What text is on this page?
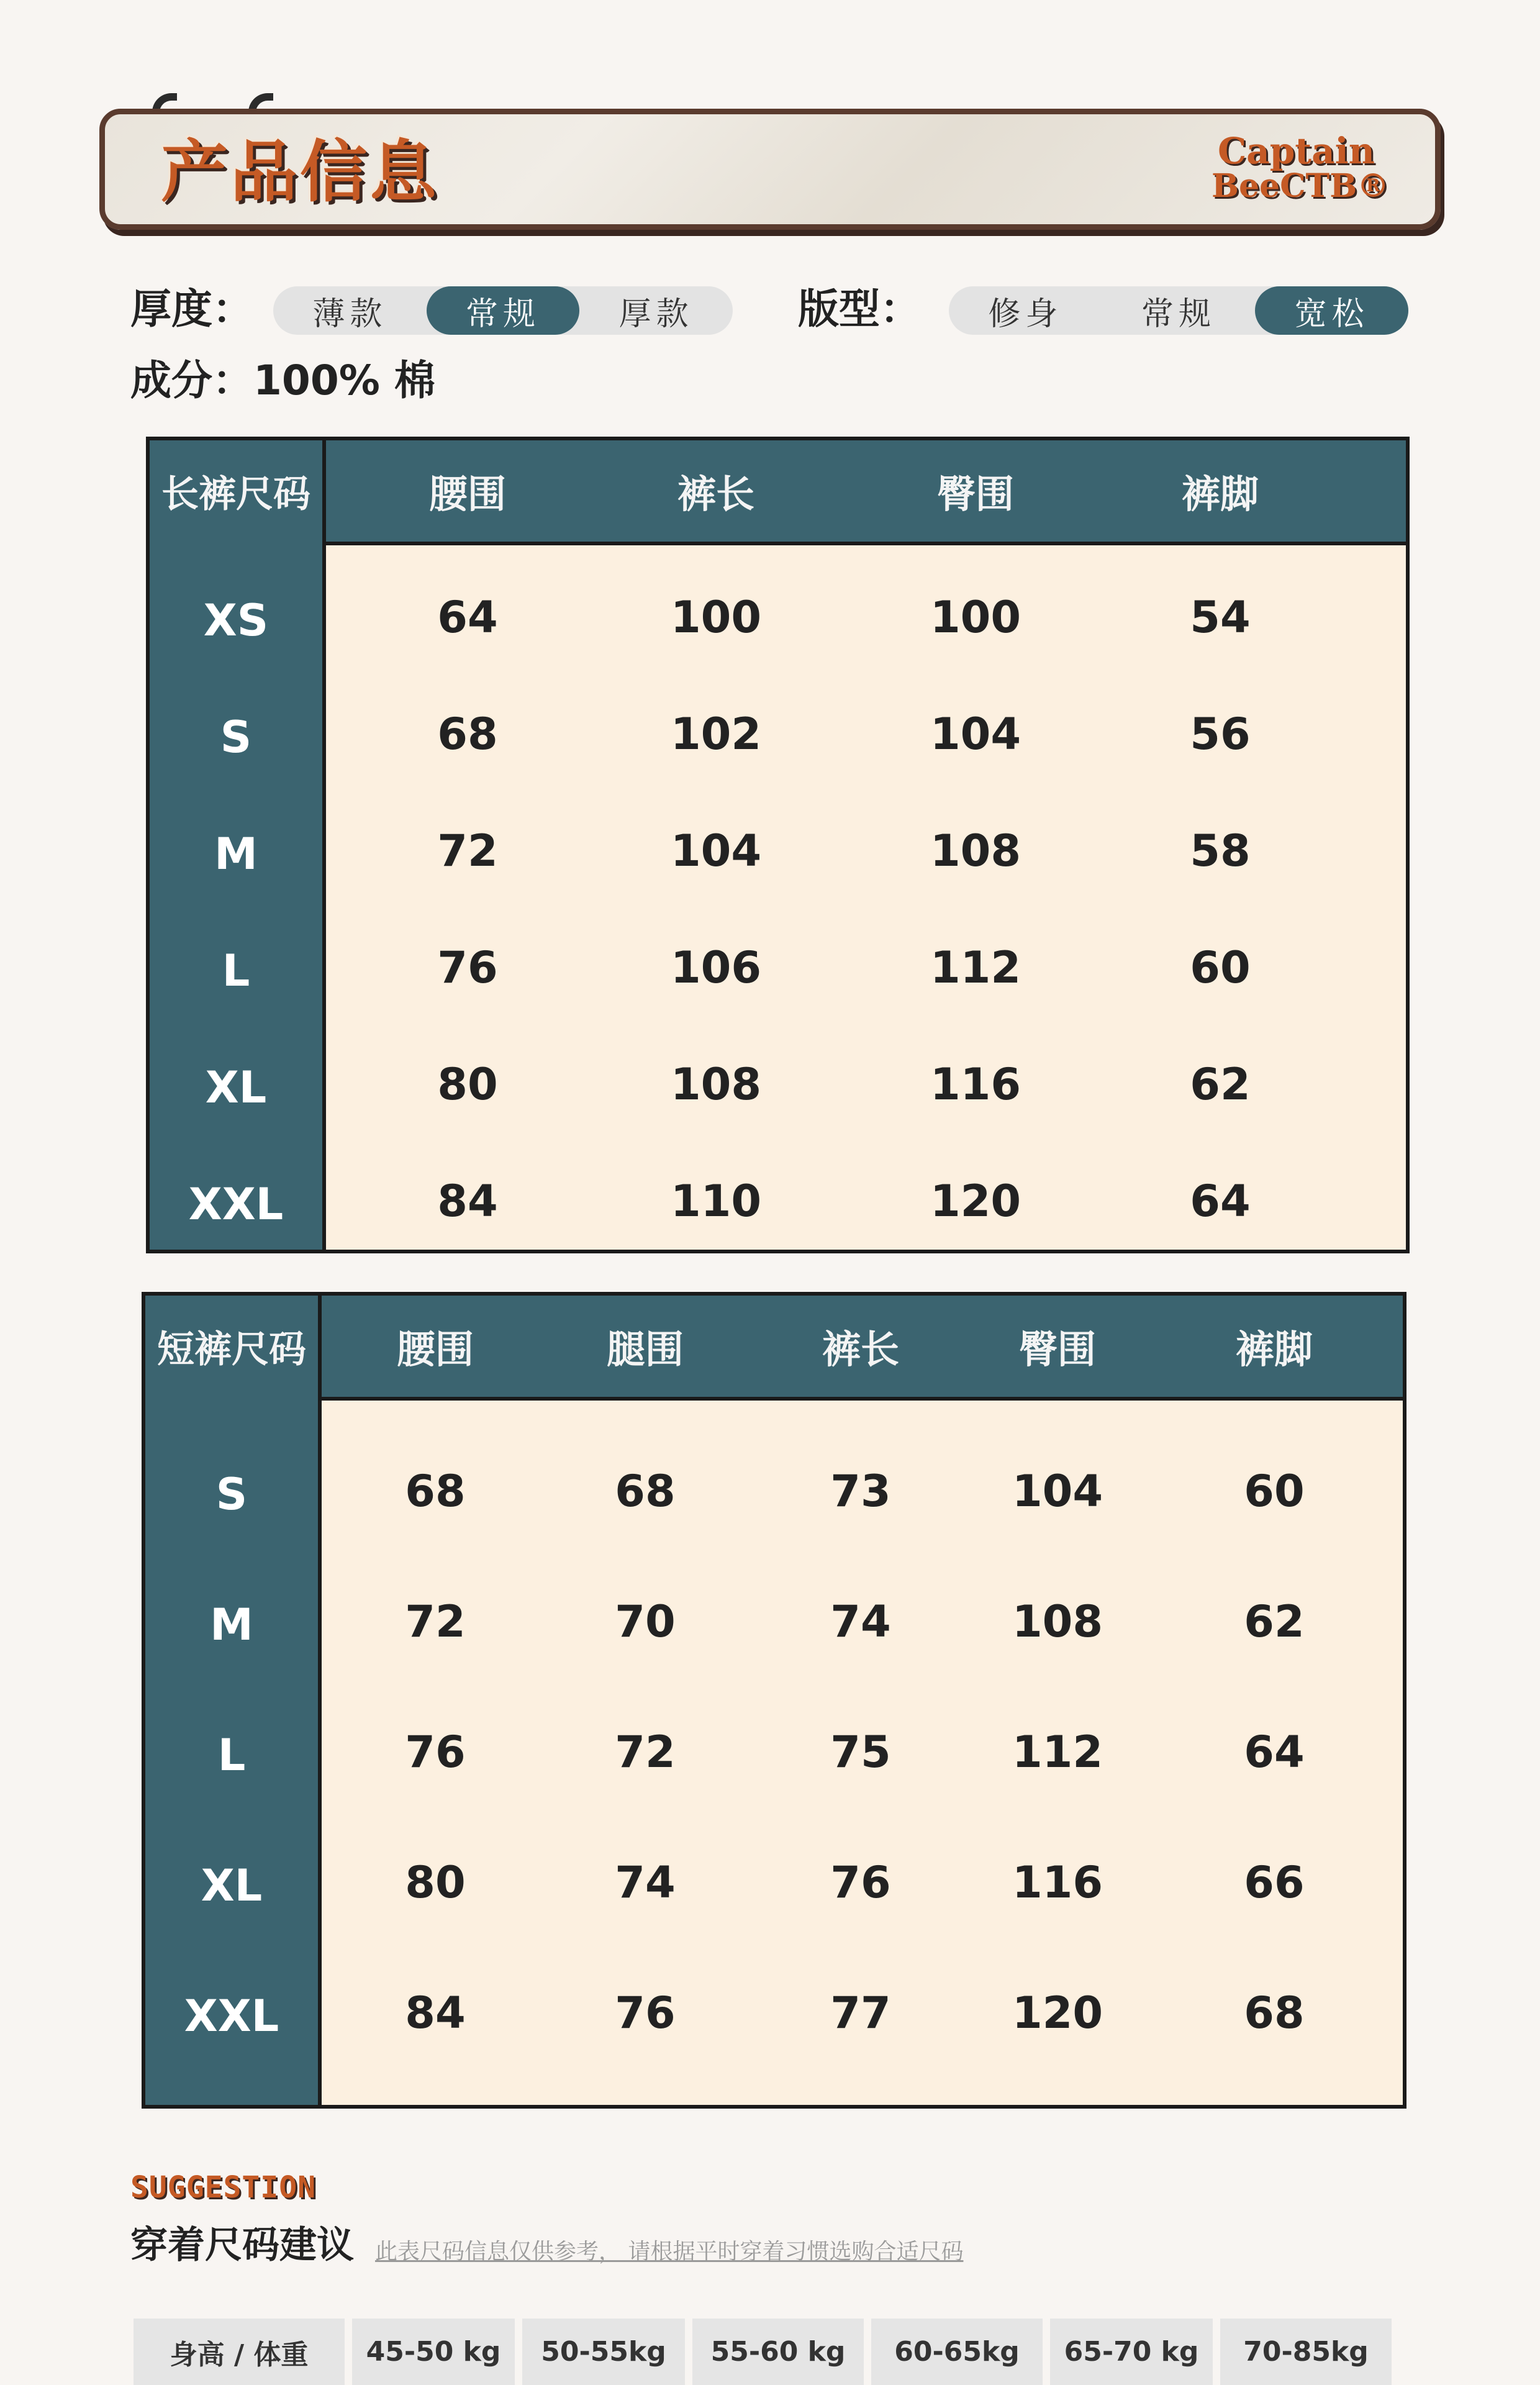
产品信息	Captain
BeeCTB®
厚度：	薄款	常规	厚款	版型：	修身	常规	宽松
成分：100% 棉
长裤尺码	腰围	裤长	臀围	裤脚
XS	64	100	100	54
S	68	102	104	56
M	72	104	108	58
L	76	106	112	60
XL	80	108	116	62
XXL	84	110	120	64
短裤尺码	腰围	腿围	裤长	臀围	裤脚
S	68	68	73	104	60
M	72	70	74	108	62
L	76	72	75	112	64
XL	80	74	76	116	66
XXL	84	76	77	120	68
SUGGESTION
穿着尺码建议 此表尺码信息仅供参考， 请根据平时穿着习惯选购合适尺码
身高 / 体重	45-50 kg	50-55kg	55-60 kg	60-65kg	65-70 kg	70-85kg
